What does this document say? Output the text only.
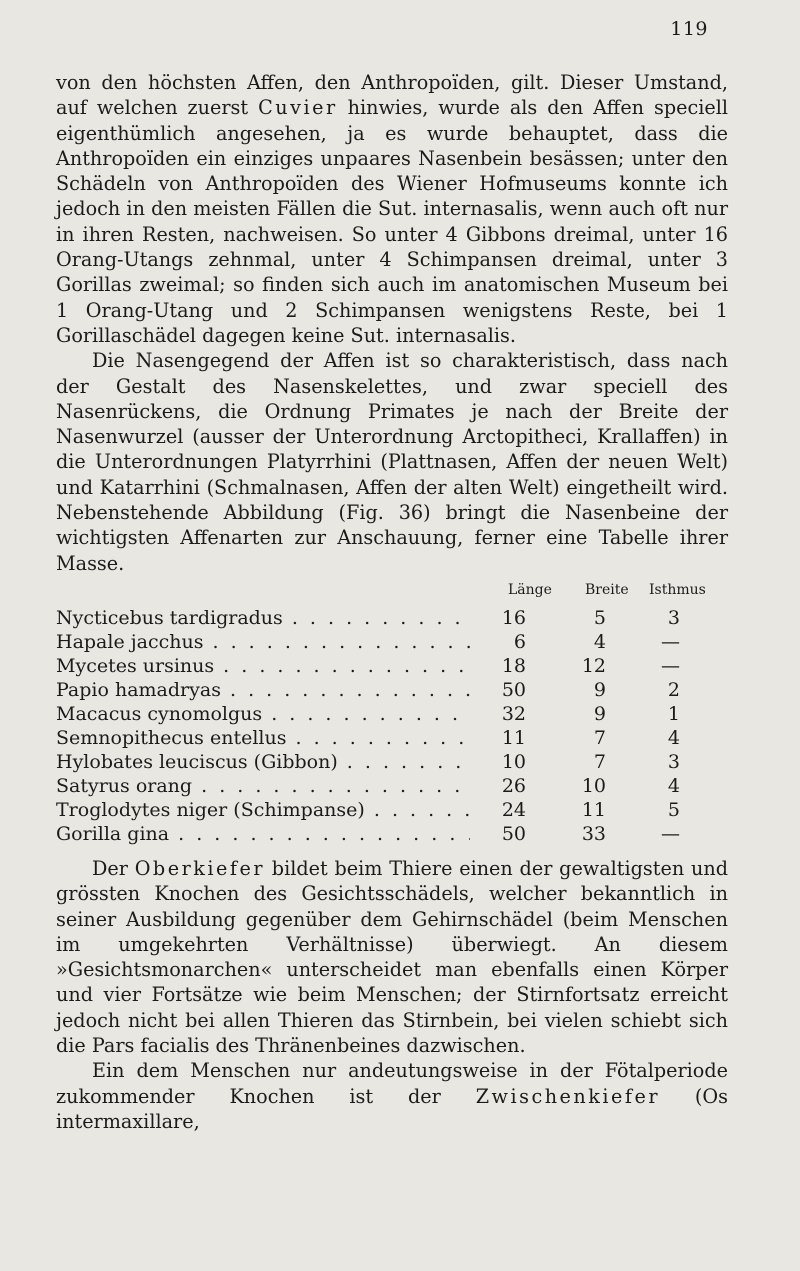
119

von den höchsten Affen, den Anthropoïden, gilt. Dieser Umstand, auf welchen zuerst Cuvier hinwies, wurde als den Affen speciell eigenthümlich angesehen, ja es wurde behauptet, dass die Anthropoïden ein einziges unpaares Nasenbein besässen; unter den Schädeln von Anthropoïden des Wiener Hofmuseums konnte ich jedoch in den meisten Fällen die Sut. internasalis, wenn auch oft nur in ihren Resten, nachweisen. So unter 4 Gibbons dreimal, unter 16 Orang-Utangs zehnmal, unter 4 Schimpansen dreimal, unter 3 Gorillas zweimal; so finden sich auch im anatomischen Museum bei 1 Orang-Utang und 2 Schimpansen wenigstens Reste, bei 1 Gorillaschädel dagegen keine Sut. internasalis.

Die Nasengegend der Affen ist so charakteristisch, dass nach der Gestalt des Nasenskelettes, und zwar speciell des Nasenrückens, die Ordnung Primates je nach der Breite der Nasenwurzel (ausser der Unterordnung Arctopitheci, Krallaffen) in die Unterordnungen Platyrrhini (Plattnasen, Affen der neuen Welt) und Katarrhini (Schmalnasen, Affen der alten Welt) eingetheilt wird. Nebenstehende Abbildung (Fig. 36) bringt die Nasenbeine der wichtigsten Affenarten zur Anschauung, ferner eine Tabelle ihrer Masse.

Länge Breite Isthmus
Nycticebus tardigradus . . .	16	5	3
Hapale jacchus . . .	6	4	—
Mycetes ursinus . . .	18	12	—
Papio hamadryas . . .	50	9	2
Macacus cynomolgus . . .	32	9	1
Semnopithecus entellus . . .	11	7	4
Hylobates leuciscus (Gibbon) . . .	10	7	3
Satyrus orang . . .	26	10	4
Troglodytes niger (Schimpanse) . . .	24	11	5
Gorilla gina . . .	50	33	—

Der Oberkiefer bildet beim Thiere einen der gewaltigsten und grössten Knochen des Gesichtsschädels, welcher bekanntlich in seiner Ausbildung gegenüber dem Gehirnschädel (beim Menschen im umgekehrten Verhältnisse) überwiegt. An diesem »Gesichtsmonarchen« unterscheidet man ebenfalls einen Körper und vier Fortsätze wie beim Menschen; der Stirnfortsatz erreicht jedoch nicht bei allen Thieren das Stirnbein, bei vielen schiebt sich die Pars facialis des Thränenbeines dazwischen.

Ein dem Menschen nur andeutungsweise in der Fötalperiode zukommender Knochen ist der Zwischenkiefer (Os intermaxillare,
